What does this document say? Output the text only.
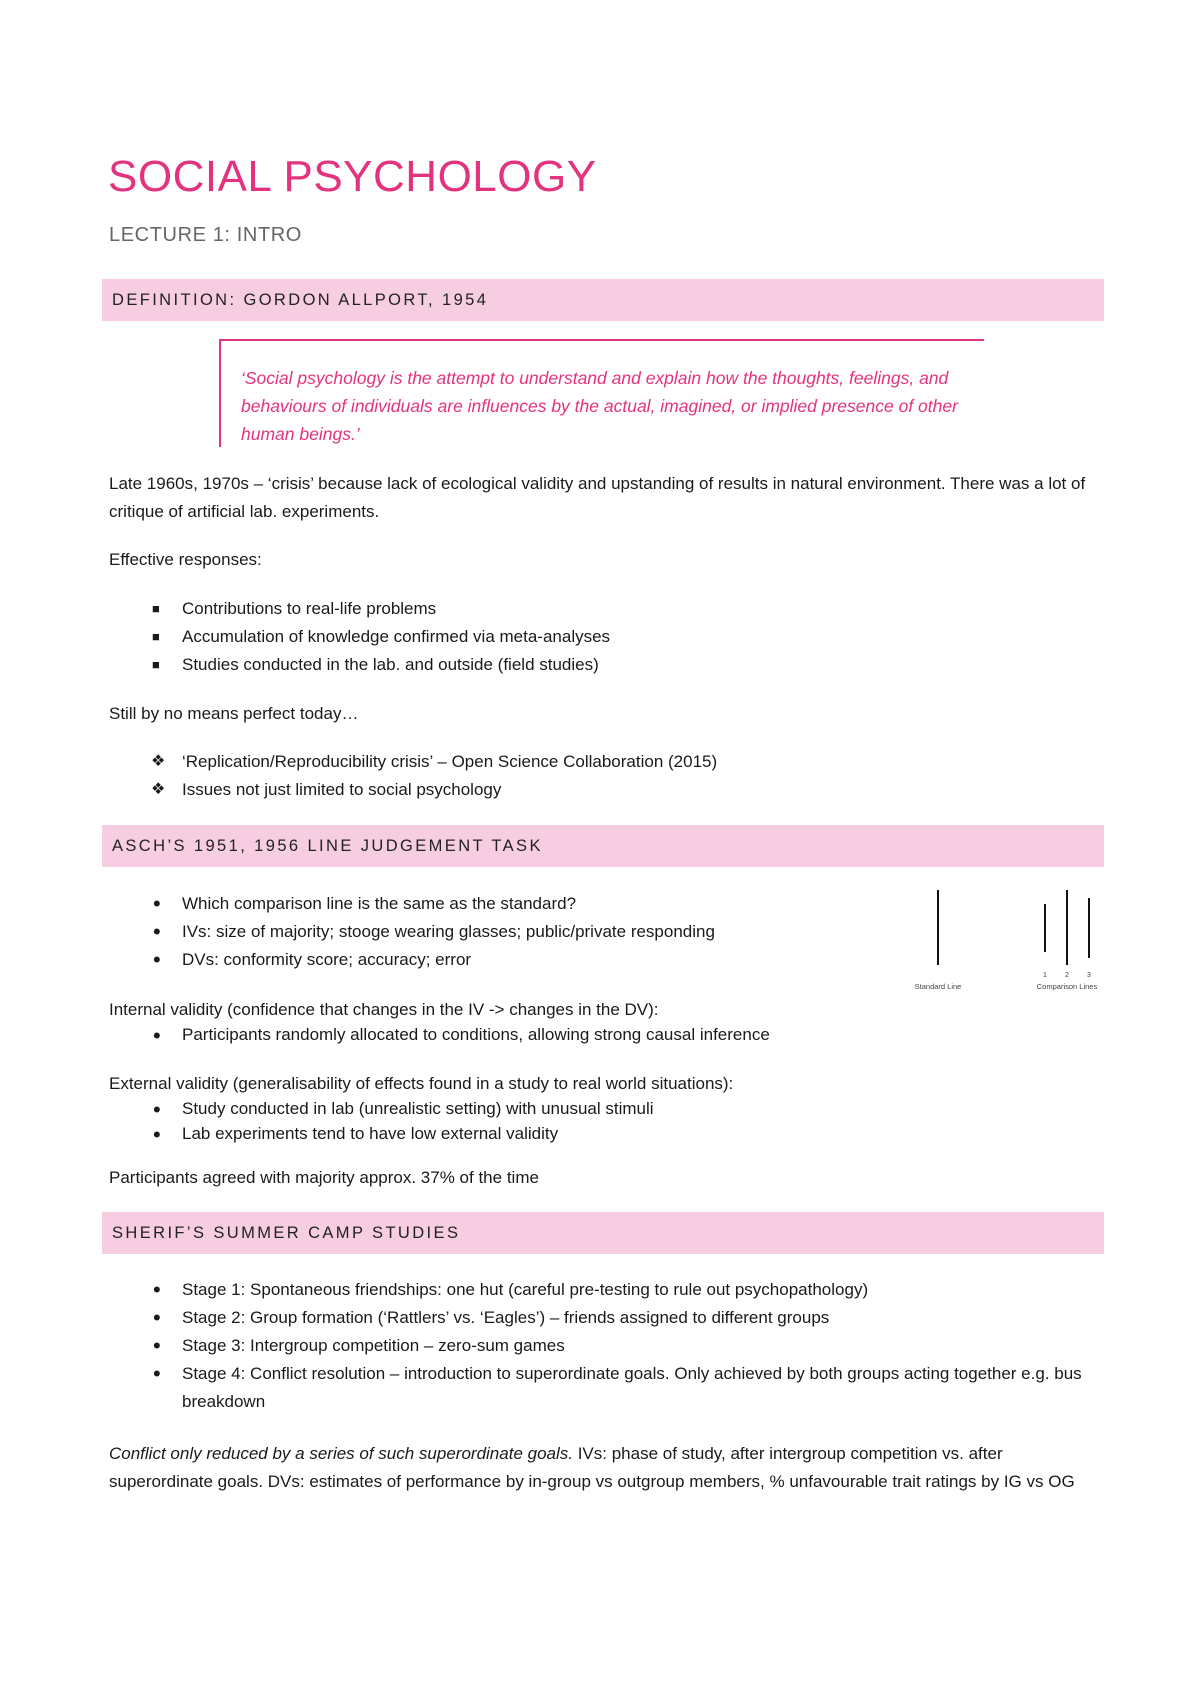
SOCIAL PSYCHOLOGY
LECTURE 1: INTRO
DEFINITION: GORDON ALLPORT, 1954
‘Social psychology is the attempt to understand and explain how the thoughts, feelings, and behaviours of individuals are influences by the actual, imagined, or implied presence of other human beings.’
Late 1960s, 1970s – ‘crisis’ because lack of ecological validity and upstanding of results in natural environment. There was a lot of critique of artificial lab. experiments.
Effective responses:
■ Contributions to real-life problems
■ Accumulation of knowledge confirmed via meta-analyses
■ Studies conducted in the lab. and outside (field studies)
Still by no means perfect today…
❖ ‘Replication/Reproducibility crisis’ – Open Science Collaboration (2015)
❖ Issues not just limited to social psychology
ASCH’S 1951, 1956 LINE JUDGEMENT TASK
• Which comparison line is the same as the standard?
• IVs: size of majority; stooge wearing glasses; public/private responding
• DVs: conformity score; accuracy; error
1	2	3
Standard Line	Comparison Lines
Internal validity (confidence that changes in the IV -> changes in the DV):
• Participants randomly allocated to conditions, allowing strong causal inference
External validity (generalisability of effects found in a study to real world situations):
• Study conducted in lab (unrealistic setting) with unusual stimuli
• Lab experiments tend to have low external validity
Participants agreed with majority approx. 37% of the time
SHERIF’S SUMMER CAMP STUDIES
• Stage 1: Spontaneous friendships: one hut (careful pre-testing to rule out psychopathology)
• Stage 2: Group formation (‘Rattlers’ vs. ‘Eagles’) – friends assigned to different groups
• Stage 3: Intergroup competition – zero-sum games
• Stage 4: Conflict resolution – introduction to superordinate goals. Only achieved by both groups acting together e.g. bus breakdown
Conflict only reduced by a series of such superordinate goals. IVs: phase of study, after intergroup competition vs. after superordinate goals. DVs: estimates of performance by in-group vs outgroup members, % unfavourable trait ratings by IG vs OG
